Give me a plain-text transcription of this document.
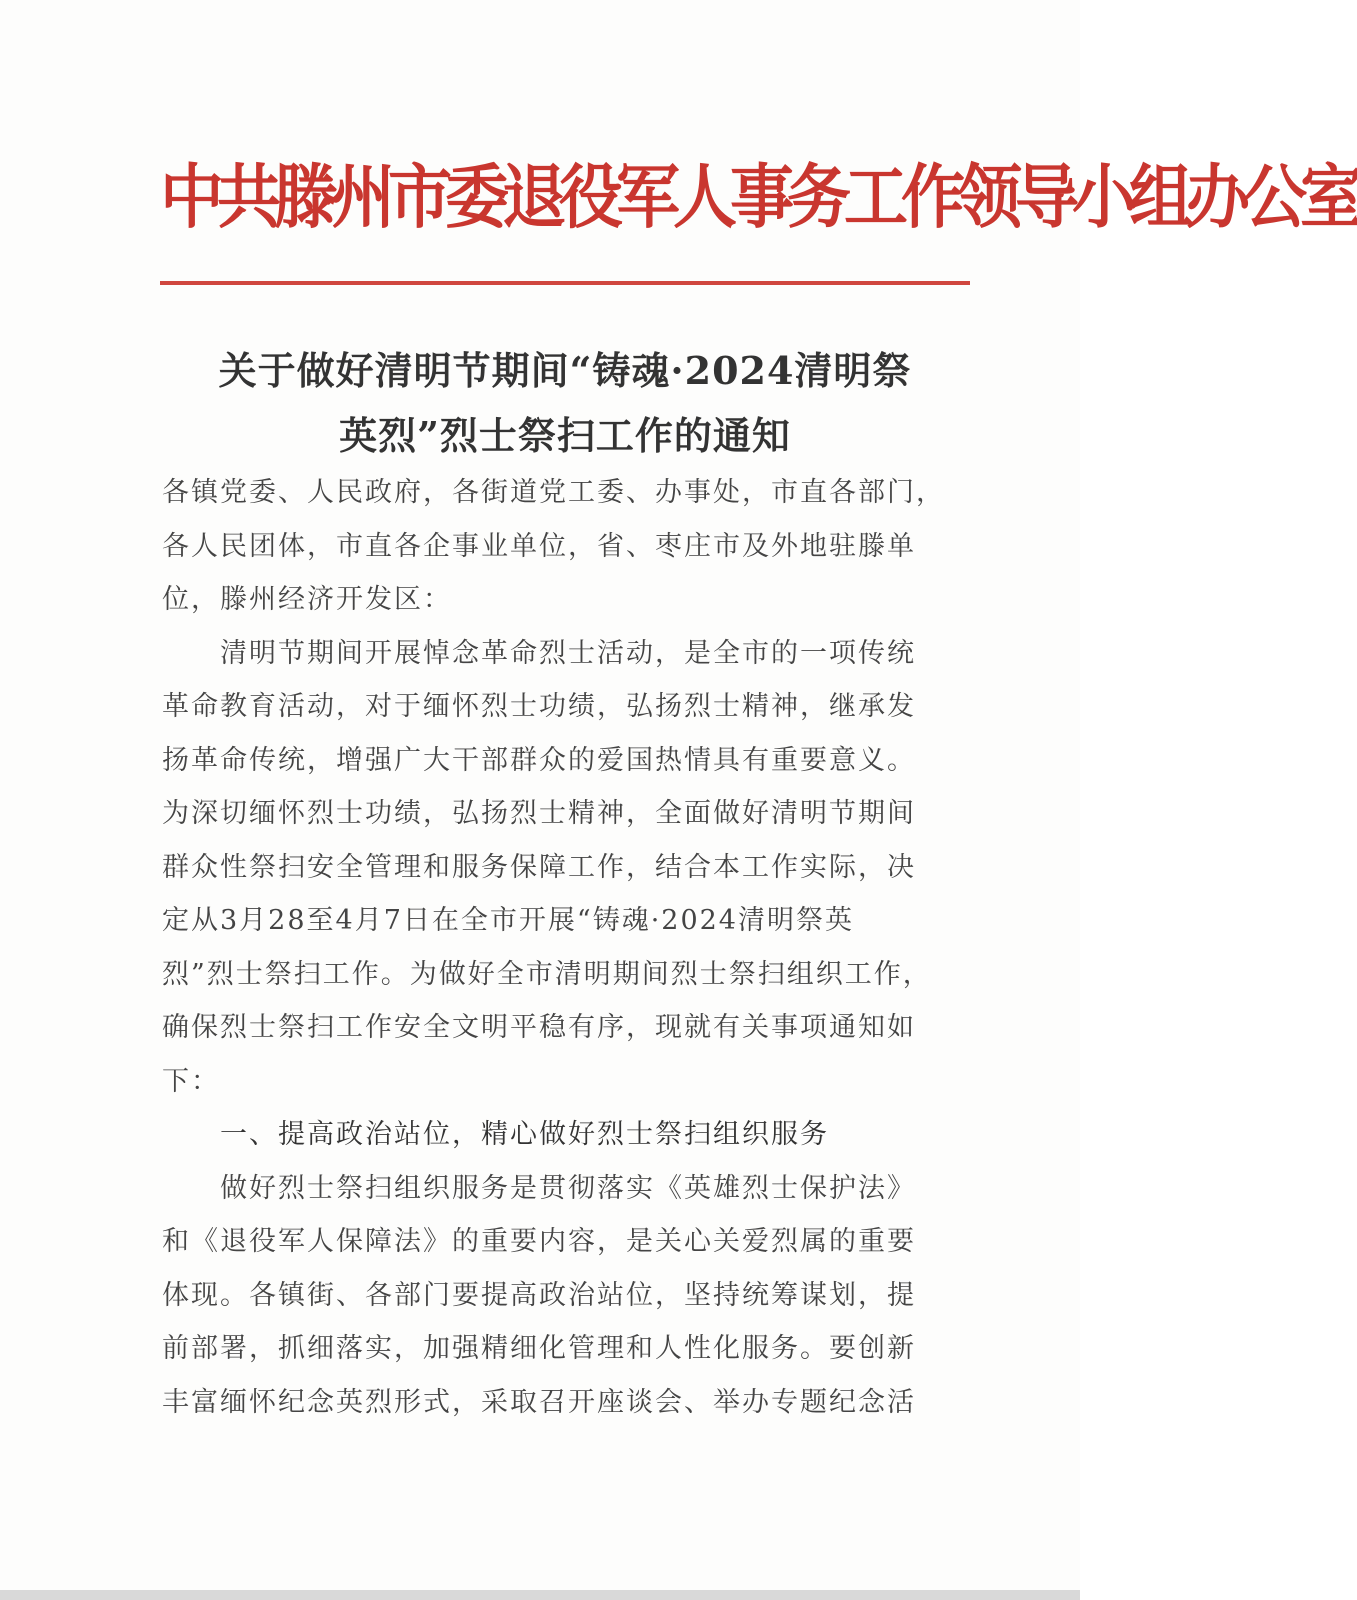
中共滕州市委退役军人事务工作领导小组办公室
关于做好清明节期间“铸魂·2024清明祭
英烈”烈士祭扫工作的通知
各镇党委、人民政府，各街道党工委、办事处，市直各部门，
各人民团体，市直各企事业单位，省、枣庄市及外地驻滕单
位，滕州经济开发区：
清明节期间开展悼念革命烈士活动，是全市的一项传统
革命教育活动，对于缅怀烈士功绩，弘扬烈士精神，继承发
扬革命传统，增强广大干部群众的爱国热情具有重要意义。
为深切缅怀烈士功绩，弘扬烈士精神，全面做好清明节期间
群众性祭扫安全管理和服务保障工作，结合本工作实际，决
定从3月28至4月7日在全市开展“铸魂·2024清明祭英
烈”烈士祭扫工作。为做好全市清明期间烈士祭扫组织工作，
确保烈士祭扫工作安全文明平稳有序，现就有关事项通知如
下：
一、提高政治站位，精心做好烈士祭扫组织服务
做好烈士祭扫组织服务是贯彻落实《英雄烈士保护法》
和《退役军人保障法》的重要内容，是关心关爱烈属的重要
体现。各镇街、各部门要提高政治站位，坚持统筹谋划，提
前部署，抓细落实，加强精细化管理和人性化服务。要创新
丰富缅怀纪念英烈形式，采取召开座谈会、举办专题纪念活
